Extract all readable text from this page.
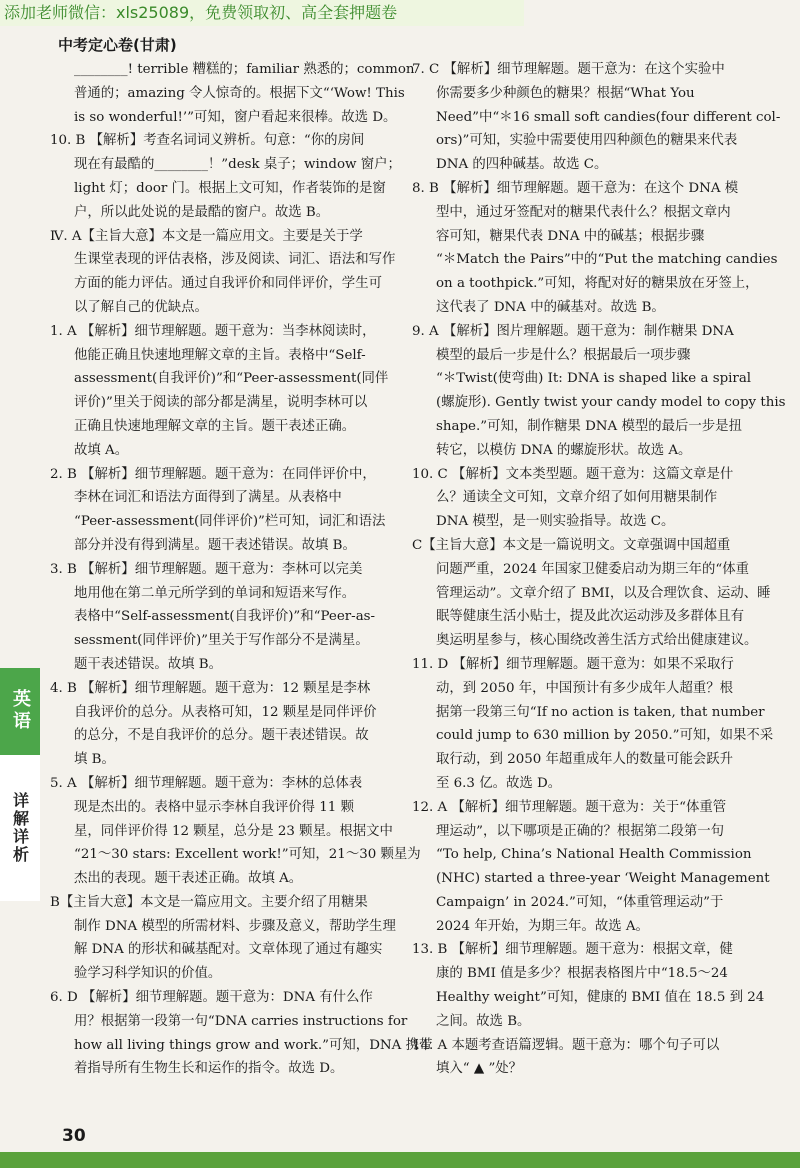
添加老师微信：xls25089，免费领取初、高全套押题卷
中考定心卷(甘肃)
________! terrible 糟糕的；familiar 熟悉的；common
普通的；amazing 令人惊奇的。根据下文“‘Wow! This
is so wonderful!’”可知，窗户看起来很棒。故选 D。
10. B 【解析】考查名词词义辨析。句意：“你的房间
现在有最酷的________！”desk 桌子；window 窗户；
light 灯；door 门。根据上文可知，作者装饰的是窗
户，所以此处说的是最酷的窗户。故选 B。
Ⅳ. A【主旨大意】本文是一篇应用文。主要是关于学
生课堂表现的评估表格，涉及阅读、词汇、语法和写作
方面的能力评估。通过自我评价和同伴评价，学生可
以了解自己的优缺点。
1. A 【解析】细节理解题。题干意为：当李林阅读时，
他能正确且快速地理解文章的主旨。表格中“Self-
assessment(自我评价)”和“Peer-assessment(同伴
评价)”里关于阅读的部分都是满星，说明李林可以
正确且快速地理解文章的主旨。题干表述正确。
故填 A。
2. B 【解析】细节理解题。题干意为：在同伴评价中，
李林在词汇和语法方面得到了满星。从表格中
“Peer-assessment(同伴评价)”栏可知，词汇和语法
部分并没有得到满星。题干表述错误。故填 B。
3. B 【解析】细节理解题。题干意为：李林可以完美
地用他在第二单元所学到的单词和短语来写作。
表格中“Self-assessment(自我评价)”和“Peer-as-
sessment(同伴评价)”里关于写作部分不是满星。
题干表述错误。故填 B。
4. B 【解析】细节理解题。题干意为：12 颗星是李林
自我评价的总分。从表格可知，12 颗星是同伴评价
的总分，不是自我评价的总分。题干表述错误。故
填 B。
5. A 【解析】细节理解题。题干意为：李林的总体表
现是杰出的。表格中显示李林自我评价得 11 颗
星，同伴评价得 12 颗星，总分是 23 颗星。根据文中
“21～30 stars: Excellent work!”可知，21～30 颗星为
杰出的表现。题干表述正确。故填 A。
B【主旨大意】本文是一篇应用文。主要介绍了用糖果
制作 DNA 模型的所需材料、步骤及意义，帮助学生理
解 DNA 的形状和碱基配对。文章体现了通过有趣实
验学习科学知识的价值。
6. D 【解析】细节理解题。题干意为：DNA 有什么作
用？根据第一段第一句“DNA carries instructions for
how all living things grow and work.”可知，DNA 携带
着指导所有生物生长和运作的指令。故选 D。
7. C 【解析】细节理解题。题干意为：在这个实验中
你需要多少种颜色的糖果？根据“What You
Need”中“＊16 small soft candies(four different col-
ors)”可知，实验中需要使用四种颜色的糖果来代表
DNA 的四种碱基。故选 C。
8. B 【解析】细节理解题。题干意为：在这个 DNA 模
型中，通过牙签配对的糖果代表什么？根据文章内
容可知，糖果代表 DNA 中的碱基；根据步骤
“＊Match the Pairs”中的“Put the matching candies
on a toothpick.”可知，将配对好的糖果放在牙签上，
这代表了 DNA 中的碱基对。故选 B。
9. A 【解析】图片理解题。题干意为：制作糖果 DNA
模型的最后一步是什么？根据最后一项步骤
“＊Twist(使弯曲) It: DNA is shaped like a spiral
(螺旋形). Gently twist your candy model to copy this
shape.”可知，制作糖果 DNA 模型的最后一步是扭
转它，以模仿 DNA 的螺旋形状。故选 A。
10. C 【解析】文本类型题。题干意为：这篇文章是什
么？通读全文可知，文章介绍了如何用糖果制作
DNA 模型，是一则实验指导。故选 C。
C【主旨大意】本文是一篇说明文。文章强调中国超重
问题严重，2024 年国家卫健委启动为期三年的“体重
管理运动”。文章介绍了 BMI，以及合理饮食、运动、睡
眠等健康生活小贴士，提及此次运动涉及多群体且有
奥运明星参与，核心围绕改善生活方式给出健康建议。
11. D 【解析】细节理解题。题干意为：如果不采取行
动，到 2050 年，中国预计有多少成年人超重？根
据第一段第三句“If no action is taken, that number
could jump to 630 million by 2050.”可知，如果不采
取行动，到 2050 年超重成年人的数量可能会跃升
至 6.3 亿。故选 D。
12. A 【解析】细节理解题。题干意为：关于“体重管
理运动”，以下哪项是正确的？根据第二段第一句
“To help, China’s National Health Commission
(NHC) started a three-year ‘Weight Management
Campaign’ in 2024.”可知，“体重管理运动”于
2024 年开始，为期三年。故选 A。
13. B 【解析】细节理解题。题干意为：根据文章，健
康的 BMI 值是多少？根据表格图片中“18.5～24
Healthy weight”可知，健康的 BMI 值在 18.5 到 24
之间。故选 B。
14. A 本题考查语篇逻辑。题干意为：哪个句子可以
填入“ ▲ ”处？
英语
详解详析
30
